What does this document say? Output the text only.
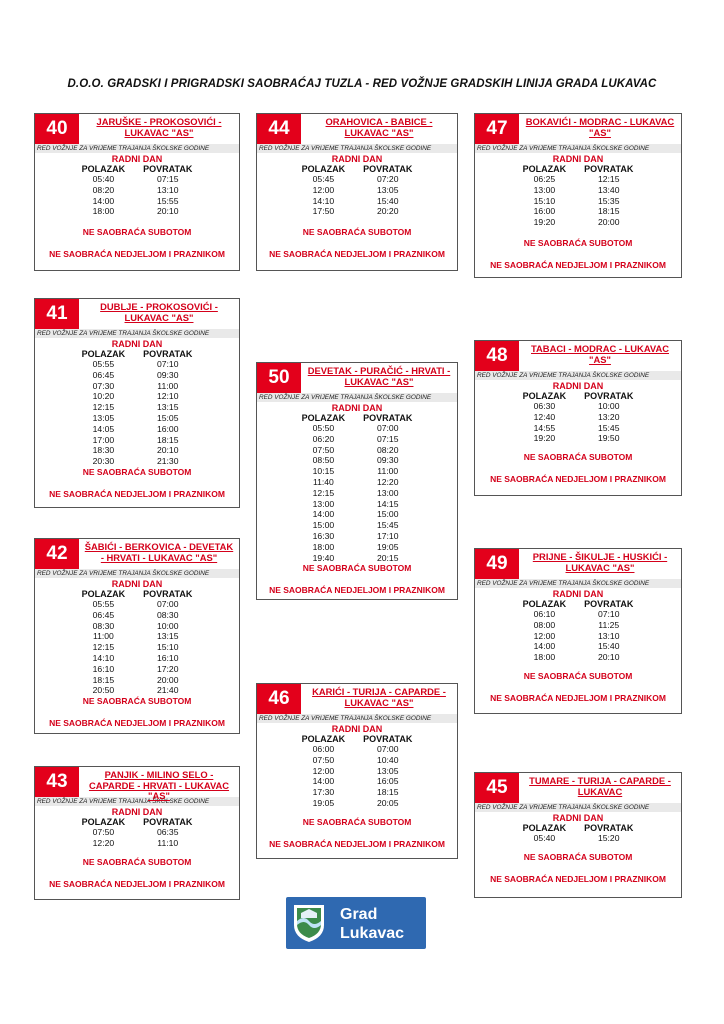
D.O.O. GRADSKI I PRIGRADSKI SAOBRAĆAJ TUZLA - RED VOŽNJE GRADSKIH LINIJA GRADA LUKAVAC
40	JARUŠKE - PROKOSOVIĆI - LUKAVAC "AS"
RED VOŽNJE ZA VRIJEME TRAJANJA ŠKOLSKE GODINE
RADNI DAN
POLAZAK	POVRATAK
05:40	07:15
08:20	13:10
14:00	15:55
18:00	20:10
NE SAOBRAĆA SUBOTOM
NE SAOBRAĆA NEDJELJOM I PRAZNIKOM
44	ORAHOVICA - BABICE - LUKAVAC "AS"
RED VOŽNJE ZA VRIJEME TRAJANJA ŠKOLSKE GODINE
RADNI DAN
POLAZAK	POVRATAK
05:45	07:20
12:00	13:05
14:10	15:40
17:50	20:20
NE SAOBRAĆA SUBOTOM
NE SAOBRAĆA NEDJELJOM I PRAZNIKOM
47	BOKAVIĆI - MODRAC - LUKAVAC "AS"
RED VOŽNJE ZA VRIJEME TRAJANJA ŠKOLSKE GODINE
RADNI DAN
POLAZAK	POVRATAK
06:25	12:15
13:00	13:40
15:10	15:35
16:00	18:15
19:20	20:00
NE SAOBRAĆA SUBOTOM
NE SAOBRAĆA NEDJELJOM I PRAZNIKOM
41	DUBLJE - PROKOSOVIĆI - LUKAVAC "AS"
RED VOŽNJE ZA VRIJEME TRAJANJA ŠKOLSKE GODINE
RADNI DAN
POLAZAK	POVRATAK
05:55	07:10
06:45	09:30
07:30	11:00
10:20	12:10
12:15	13:15
13:05	15:05
14:05	16:00
17:00	18:15
18:30	20:10
20:30	21:30
NE SAOBRAĆA SUBOTOM
NE SAOBRAĆA NEDJELJOM I PRAZNIKOM
50	DEVETAK - PURAČIĆ - HRVATI - LUKAVAC "AS"
RED VOŽNJE ZA VRIJEME TRAJANJA ŠKOLSKE GODINE
RADNI DAN
POLAZAK	POVRATAK
05:50	07:00
06:20	07:15
07:50	08:20
08:50	09:30
10:15	11:00
11:40	12:20
12:15	13:00
13:00	14:15
14:00	15:00
15:00	15:45
16:30	17:10
18:00	19:05
19:40	20:15
NE SAOBRAĆA SUBOTOM
NE SAOBRAĆA NEDJELJOM I PRAZNIKOM
48	TABACI - MODRAC - LUKAVAC "AS"
RED VOŽNJE ZA VRIJEME TRAJANJA ŠKOLSKE GODINE
RADNI DAN
POLAZAK	POVRATAK
06:30	10:00
12:40	13:20
14:55	15:45
19:20	19:50
NE SAOBRAĆA SUBOTOM
NE SAOBRAĆA NEDJELJOM I PRAZNIKOM
42	ŠABIĆI - BERKOVICA - DEVETAK - HRVATI - LUKAVAC "AS"
RED VOŽNJE ZA VRIJEME TRAJANJA ŠKOLSKE GODINE
RADNI DAN
POLAZAK	POVRATAK
05:55	07:00
06:45	08:30
08:30	10:00
11:00	13:15
12:15	15:10
14:10	16:10
16:10	17:20
18:15	20:00
20:50	21:40
NE SAOBRAĆA SUBOTOM
NE SAOBRAĆA NEDJELJOM I PRAZNIKOM
49	PRIJNE - ŠIKULJE - HUSKIĆI - LUKAVAC "AS"
RED VOŽNJE ZA VRIJEME TRAJANJA ŠKOLSKE GODINE
RADNI DAN
POLAZAK	POVRATAK
06:10	07:10
08:00	11:25
12:00	13:10
14:00	15:40
18:00	20:10
NE SAOBRAĆA SUBOTOM
NE SAOBRAĆA NEDJELJOM I PRAZNIKOM
46	KARIĆI - TURIJA - CAPARDE - LUKAVAC "AS"
RED VOŽNJE ZA VRIJEME TRAJANJA ŠKOLSKE GODINE
RADNI DAN
POLAZAK	POVRATAK
06:00	07:00
07:50	10:40
12:00	13:05
14:00	16:05
17:30	18:15
19:05	20:05
NE SAOBRAĆA SUBOTOM
NE SAOBRAĆA NEDJELJOM I PRAZNIKOM
43	PANJIK - MILINO SELO - CAPARDE - HRVATI - LUKAVAC "AS"
RED VOŽNJE ZA VRIJEME TRAJANJA ŠKOLSKE GODINE
RADNI DAN
POLAZAK	POVRATAK
07:50	06:35
12:20	11:10
NE SAOBRAĆA SUBOTOM
NE SAOBRAĆA NEDJELJOM I PRAZNIKOM
45	TUMARE - TURIJA - CAPARDE - LUKAVAC
RED VOŽNJE ZA VRIJEME TRAJANJA ŠKOLSKE GODINE
RADNI DAN
POLAZAK	POVRATAK
05:40	15:20
NE SAOBRAĆA SUBOTOM
NE SAOBRAĆA NEDJELJOM I PRAZNIKOM
Grad
Lukavac
